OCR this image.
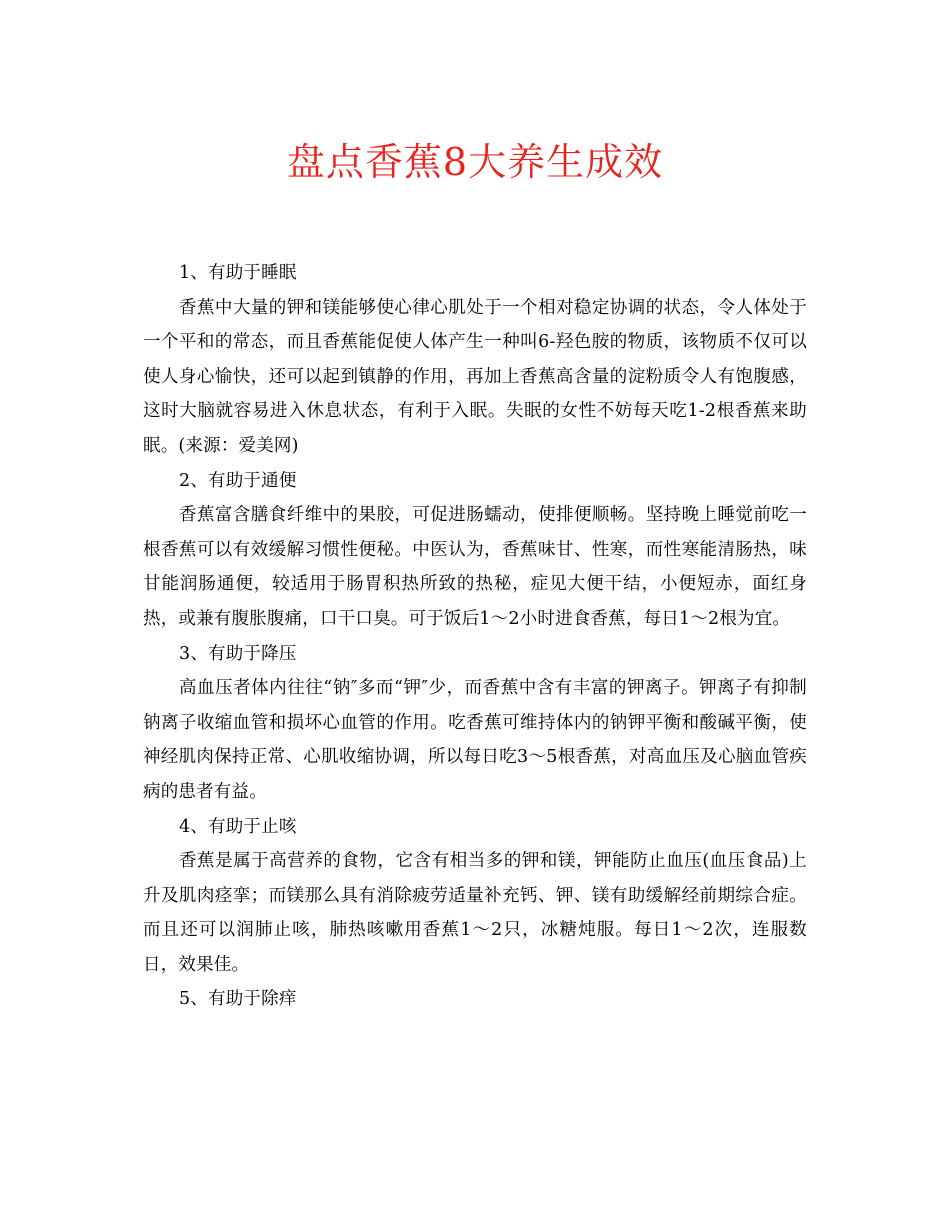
盘点香蕉8大养生成效

1、有助于睡眠

香蕉中大量的钾和镁能够使心律心肌处于一个相对稳定协调的状态，令人体处于一个平和的常态，而且香蕉能促使人体产生一种叫6-羟色胺的物质，该物质不仅可以使人身心愉快，还可以起到镇静的作用，再加上香蕉高含量的淀粉质令人有饱腹感，这时大脑就容易进入休息状态，有利于入眠。失眠的女性不妨每天吃1-2根香蕉来助眠。(来源：爱美网)

2、有助于通便

香蕉富含膳食纤维中的果胶，可促进肠蠕动，使排便顺畅。坚持晚上睡觉前吃一根香蕉可以有效缓解习惯性便秘。中医认为，香蕉味甘、性寒，而性寒能清肠热，味甘能润肠通便，较适用于肠胃积热所致的热秘，症见大便干结，小便短赤，面红身热，或兼有腹胀腹痛，口干口臭。可于饭后1～2小时进食香蕉，每日1～2根为宜。

3、有助于降压

高血压者体内往往“钠″多而“钾″少，而香蕉中含有丰富的钾离子。钾离子有抑制钠离子收缩血管和损坏心血管的作用。吃香蕉可维持体内的钠钾平衡和酸碱平衡，使神经肌肉保持正常、心肌收缩协调，所以每日吃3～5根香蕉，对高血压及心脑血管疾病的患者有益。

4、有助于止咳

香蕉是属于高营养的食物，它含有相当多的钾和镁，钾能防止血压(血压食品)上升及肌肉痉挛；而镁那么具有消除疲劳适量补充钙、钾、镁有助缓解经前期综合症。而且还可以润肺止咳，肺热咳嗽用香蕉1～2只，冰糖炖服。每日1～2次，连服数日，效果佳。

5、有助于除痒
